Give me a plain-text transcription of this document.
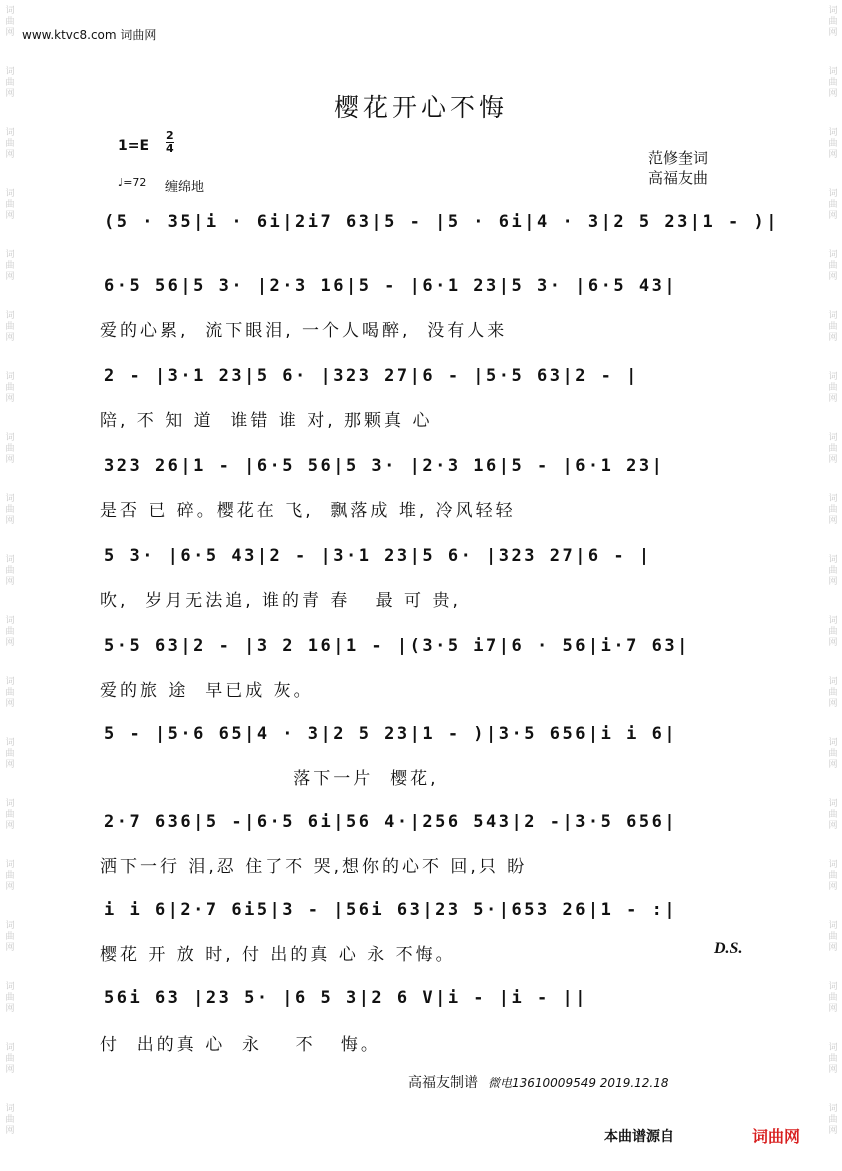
www.ktvc8.com 词曲网
樱花开心不悔
1=E
2
4
♩=72 缠绵地
范修奎词
高福友曲
(5 · 35|i · 6i|2i7 63|5 - |5 · 6i|4 · 3|2 5 23|1 - )|
6·5 56|5 3· |2·3 16|5 - |6·1 23|5 3· |6·5 43|
爱的心累,  流下眼泪, 一个人喝醉,  没有人来
2 - |3·1 23|5 6· |323 27|6 - |5·5 63|2 - |
陪, 不 知 道  谁错 谁 对, 那颗真 心
323 26|1 - |6·5 56|5 3· |2·3 16|5 - |6·1 23|
是否 已 碎。樱花在 飞,  飘落成 堆, 冷风轻轻
5 3· |6·5 43|2 - |3·1 23|5 6· |323 27|6 - |
吹,  岁月无法追, 谁的青 春   最 可 贵,
5·5 63|2 - |3 2 16|1 - |(3·5 i7|6 · 56|i·7 63|
爱的旅 途  早已成 灰。
5 - |5·6 65|4 · 3|2 5 23|1 - )|3·5 656|i i 6|
落下一片  樱花,
2·7 636|5 -|6·5 6i|56 4·|256 543|2 -|3·5 656|
洒下一行 泪,忍 住了不 哭,想你的心不 回,只 盼
i i 6|2·7 6i5|3 - |56i 63|23 5·|653 26|1 - :|
樱花 开 放 时, 付 出的真 心 永 不悔。	D.S.
56i 63 |23 5· |6 5 3|2 6 V|i - |i - ||
付  出的真 心  永    不   悔。
高福友制谱 微电13610009549 2019.12.18
本曲谱源自	词曲网
词
曲
网
词
曲
网
词
曲
网
词
曲
网
词
曲
网
词
曲
网
词
曲
网
词
曲
网
词
曲
网
词
曲
网
词
曲
网
词
曲
网
词
曲
网
词
曲
网
词
曲
网
词
曲
网
词
曲
网
词
曲
网
词
曲
网
词
曲
网
词
曲
网
词
曲
网
词
曲
网
词
曲
网
词
曲
网
词
曲
网
词
曲
网
词
曲
网
词
曲
网
词
曲
网
词
曲
网
词
曲
网
词
曲
网
词
曲
网
词
曲
网
词
曲
网
词
曲
网
词
曲
网
